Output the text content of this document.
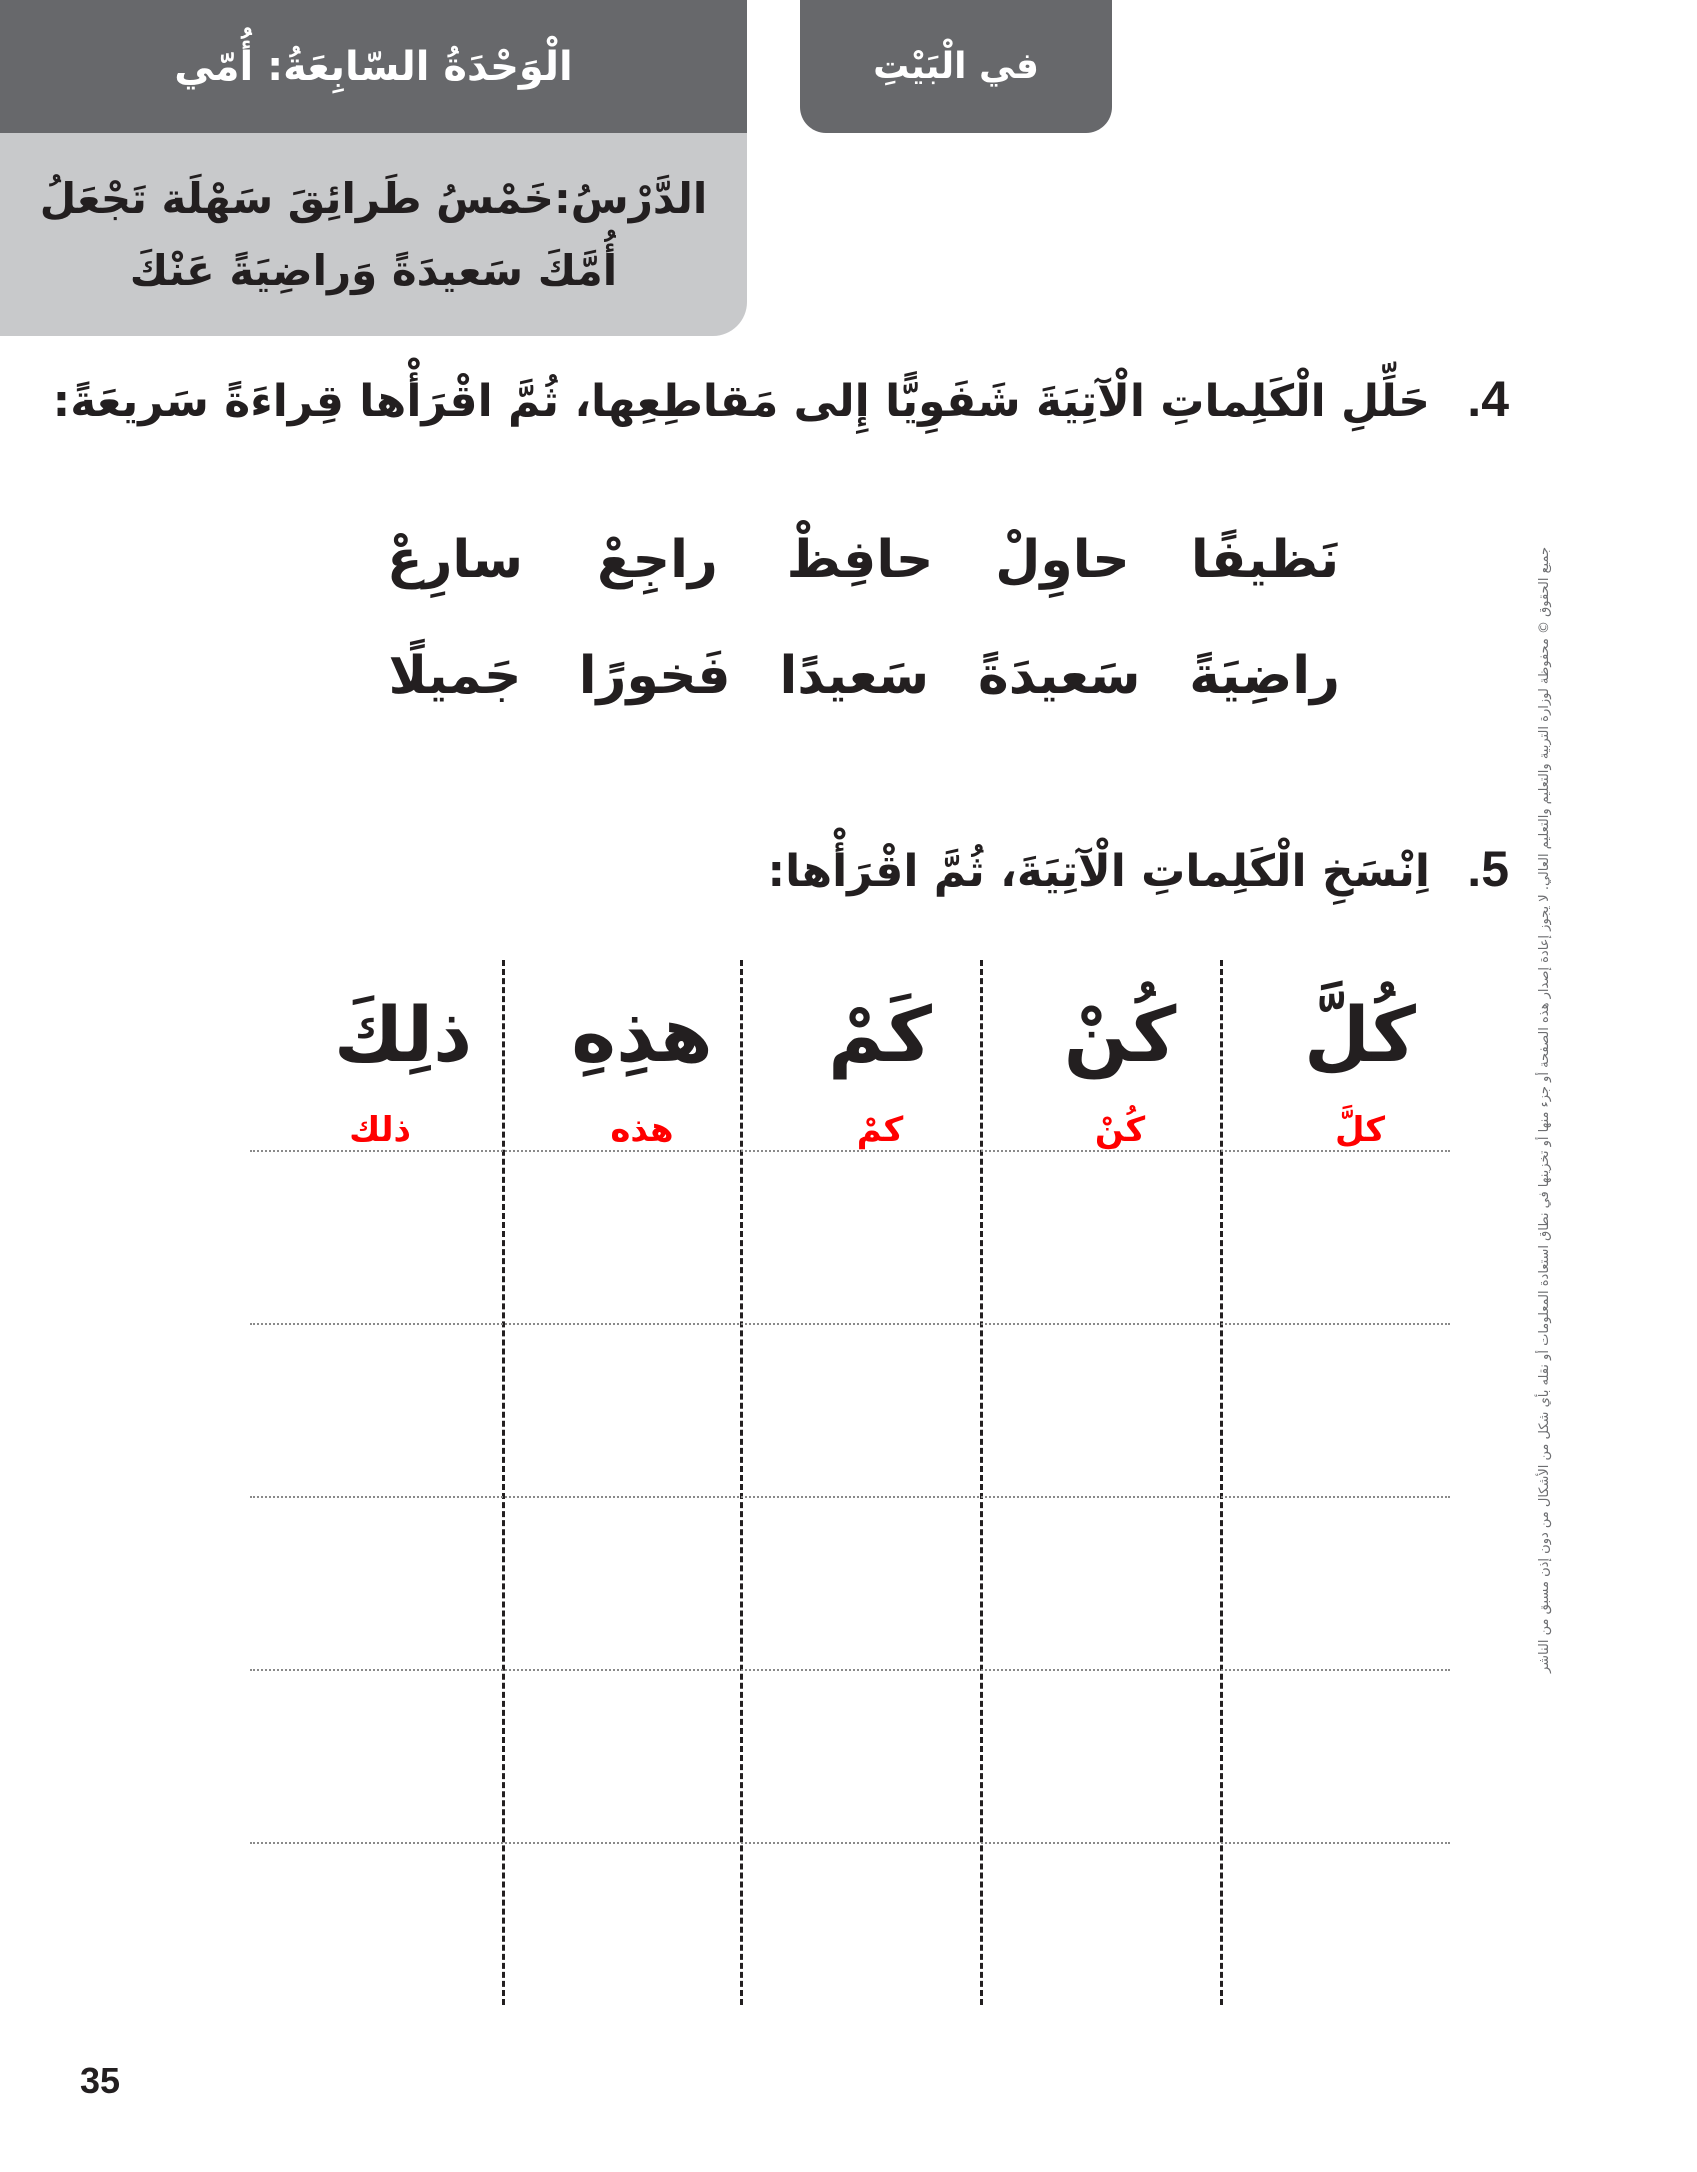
الْوَحْدَةُ السّابِعَةُ: أُمّي
الدَّرْسُ:خَمْسُ طَرائِقَ سَهْلَة تَجْعَلُ
أُمَّكَ سَعيدَةً وَراضِيَةً عَنْكَ
في الْبَيْتِ
4. حَلِّلِ الْكَلِماتِ الْآتِيَةَ شَفَوِيًّا إِلى مَقاطِعِها، ثُمَّ اقْرَأْها قِراءَةً سَريعَةً:
سارِعْ راجِعْ حافِظْ حاوِلْ نَظيفًا
جَميلًا فَخورًا سَعيدًا سَعيدَةً راضِيَةً
5. اِنْسَخِ الْكَلِماتِ الْآتِيَةَ، ثُمَّ اقْرَأْها:
كُلَّ
كُنْ
كَمْ
هذِهِ
ذلِكَ
كلَّ
كُنْ
كمْ
هذه
ذلك	جميع الحقوق © محفوظة لوزارة التربية والتعليم والتعليم العالي. لا يجوز إعادة إصدار هذه الصفحة أو جزء منها أو تخزينها في نطاق استعادة المعلومات أو نقله بأي شكل من الأشكال من دون إذن مسبق من الناشر
35
